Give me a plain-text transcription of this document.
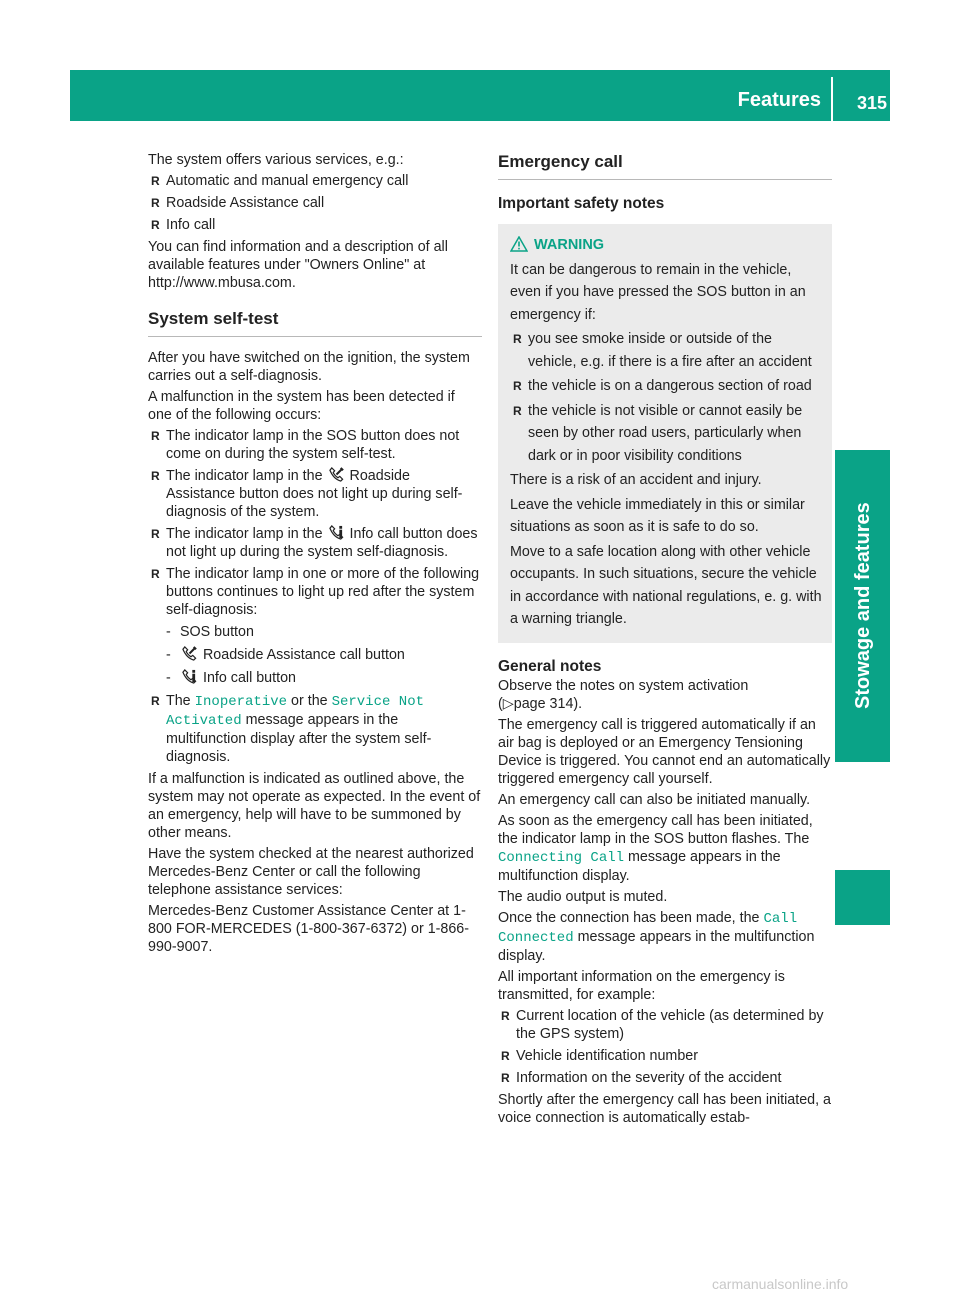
Features 315
Stowage and features

The system offers various services, e.g.:

R Automatic and manual emergency call
R Roadside Assistance call
R Info call

You can find information and a description of all available features under "Owners Online" at http://www.mbusa.com.

System self-test

After you have switched on the ignition, the system carries out a self-diagnosis.

A malfunction in the system has been detected if one of the following occurs:

R The indicator lamp in the SOS button does not come on during the system self-test.
R The indicator lamp in the Roadside Assistance button does not light up during self-diagnosis of the system.
R The indicator lamp in the Info call button does not light up during the system self-diagnosis.
R The indicator lamp in one or more of the following buttons continues to light up red after the system self-diagnosis:
- SOS button
- Roadside Assistance call button
- Info call button
R The Inoperative or the Service Not Activated message appears in the multifunction display after the system self-diagnosis.

If a malfunction is indicated as outlined above, the system may not operate as expected. In the event of an emergency, help will have to be summoned by other means.

Have the system checked at the nearest authorized Mercedes-Benz Center or call the following telephone assistance services:

Mercedes-Benz Customer Assistance Center at 1-800 FOR-MERCEDES (1-800-367-6372) or 1-866-990-9007.

Emergency call
Important safety notes
WARNING

It can be dangerous to remain in the vehicle, even if you have pressed the SOS button in an emergency if:

R you see smoke inside or outside of the vehicle, e.g. if there is a fire after an accident
R the vehicle is on a dangerous section of road
R the vehicle is not visible or cannot easily be seen by other road users, particularly when dark or in poor visibility conditions

There is a risk of an accident and injury.

Leave the vehicle immediately in this or similar situations as soon as it is safe to do so.

Move to a safe location along with other vehicle occupants. In such situations, secure the vehicle in accordance with national regulations, e. g. with a warning triangle.

General notes

Observe the notes on system activation
(▷page 314).

The emergency call is triggered automatically if an air bag is deployed or an Emergency Tensioning Device is triggered. You cannot end an automatically triggered emergency call yourself.

An emergency call can also be initiated manually.

As soon as the emergency call has been initiated, the indicator lamp in the SOS button flashes. The Connecting Call message appears in the multifunction display.

The audio output is muted.

Once the connection has been made, the Call Connected message appears in the multifunction display.

All important information on the emergency is transmitted, for example:

R Current location of the vehicle (as determined by the GPS system)
R Vehicle identification number
R Information on the severity of the accident

Shortly after the emergency call has been initiated, a voice connection is automatically estab-

carmanualsonline.info
